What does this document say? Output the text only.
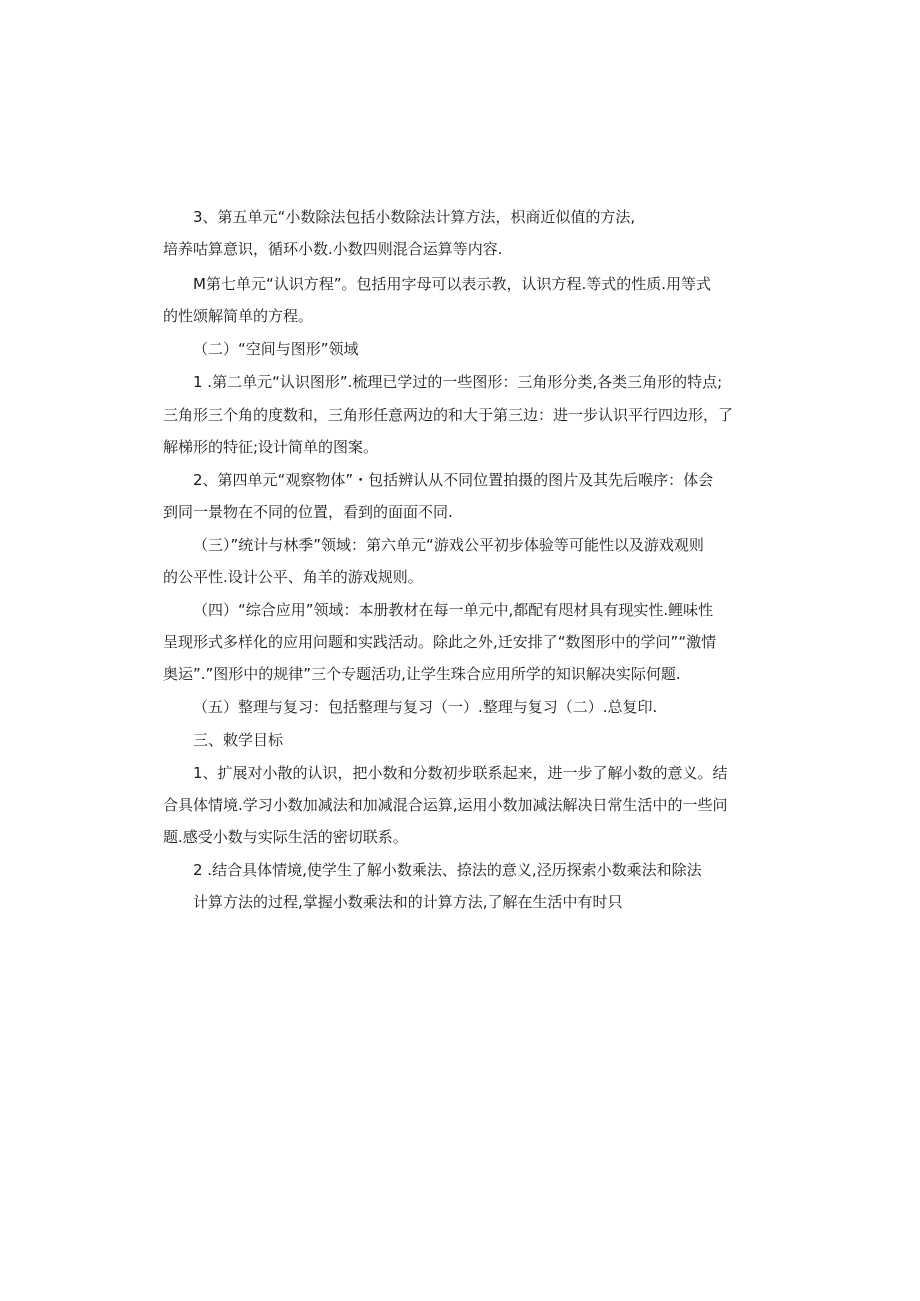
3、第五单元“小数除法包括小数除法计算方法，枳商近似值的方法,
培养咕算意识，循环小数.小数四则混合运算等内容.
M第七单元“认识方程”。包括用字母可以表示教，认识方程.等式的性质.用等式
的性颂解简单的方程。
（二）“空间与图形”领域
1 .第二单元“认识图形”.梳理已学过的一些图形：三角形分类,各类三角形的特点;
三角形三个角的度数和，三角形任意两边的和大于第三边：进一步认识平行四边形，了
解梯形的特征;设计简单的图案。
2、第四单元“观察物体”・包括辨认从不同位置拍摄的图片及其先后喉序：体会
到同一景物在不同的位置，看到的面面不同.
（三）”统计与林季”领域：第六单元“游戏公平初步体验等可能性以及游戏观则
的公平性.设计公平、角羊的游戏规则。
（四）“综合应用”领域：本册教材在每一单元中,都配有咫材具有现实性.鲤味性
呈现形式多样化的应用问题和实践活动。除此之外,迁安排了“数图形中的学问”“激情
奥运”.”图形中的规律”三个专题活功,让学生珠合应用所学的知识解决实际何题.
（五）整理与复习：包括整理与复习（一）.整理与复习（二）.总复印.
三、敕学目标
1、扩展对小散的认识，把小数和分数初步联系起来，进一步了解小数的意义。结
合具体情境.学习小数加减法和加减混合运算,运用小数加减法解决日常生活中的一些问
题.感受小数与实际生活的密切联系。
2 .结合具体情境,使学生了解小数乘法、捺法的意义,泾历探索小数乘法和除法
计算方法的过程,掌握小数乘法和的计算方法,了解在生活中有时只
